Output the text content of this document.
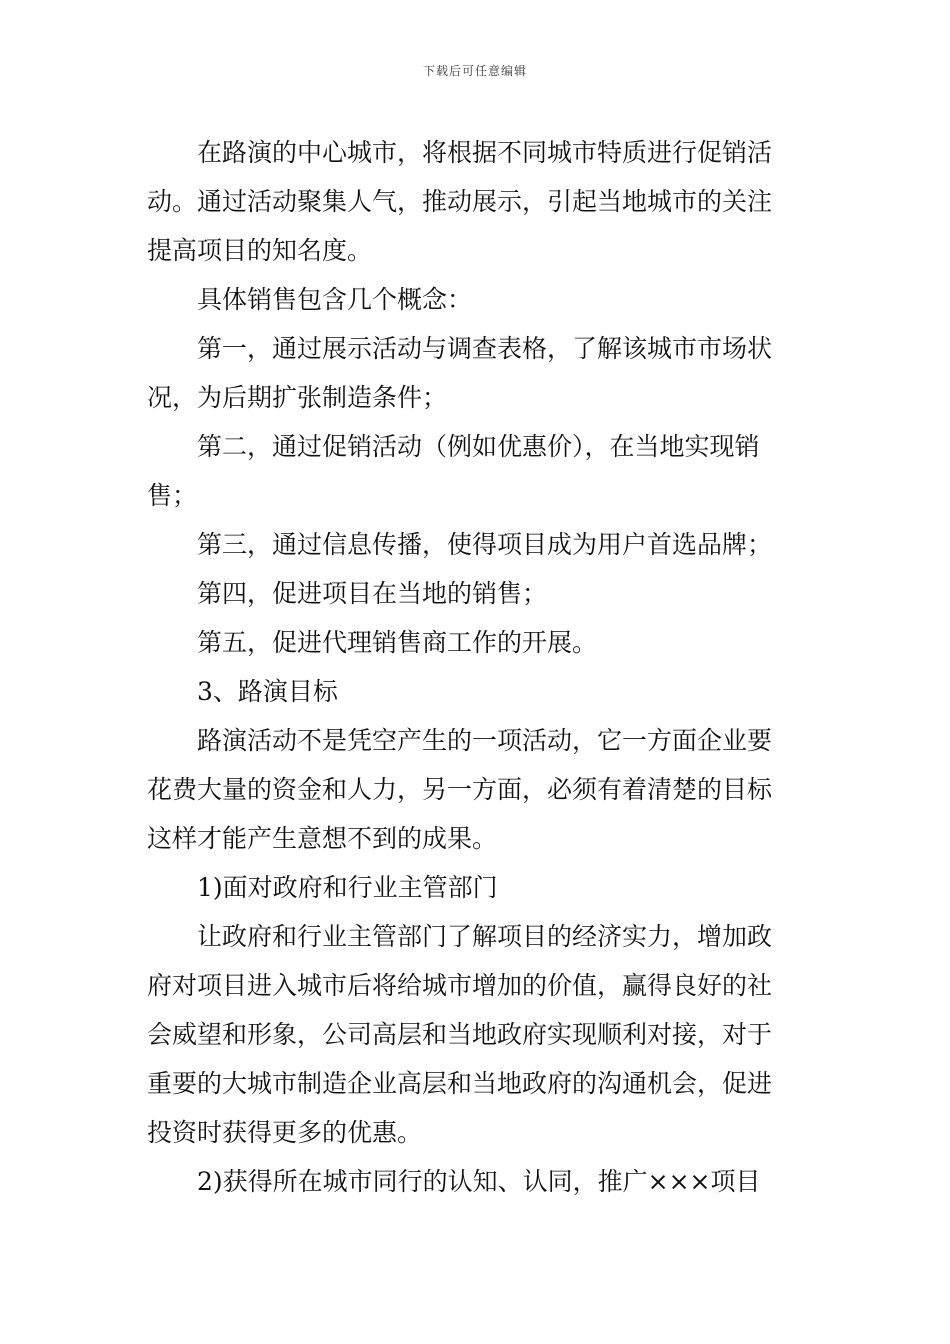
下载后可任意编辑
在路演的中心城市，将根据不同城市特质进行促销活
动。通过活动聚集人气，推动展示，引起当地城市的关注
提高项目的知名度。
具体销售包含几个概念：
第一，通过展示活动与调查表格，了解该城市市场状
况，为后期扩张制造条件；
第二，通过促销活动（例如优惠价），在当地实现销
售；
第三，通过信息传播，使得项目成为用户首选品牌；
第四，促进项目在当地的销售；
第五，促进代理销售商工作的开展。
3、路演目标
路演活动不是凭空产生的一项活动，它一方面企业要
花费大量的资金和人力，另一方面，必须有着清楚的目标
这样才能产生意想不到的成果。
1)面对政府和行业主管部门
让政府和行业主管部门了解项目的经济实力，增加政
府对项目进入城市后将给城市增加的价值，赢得良好的社
会威望和形象，公司高层和当地政府实现顺利对接，对于
重要的大城市制造企业高层和当地政府的沟通机会，促进
投资时获得更多的优惠。
2)获得所在城市同行的认知、认同，推广×××项目
